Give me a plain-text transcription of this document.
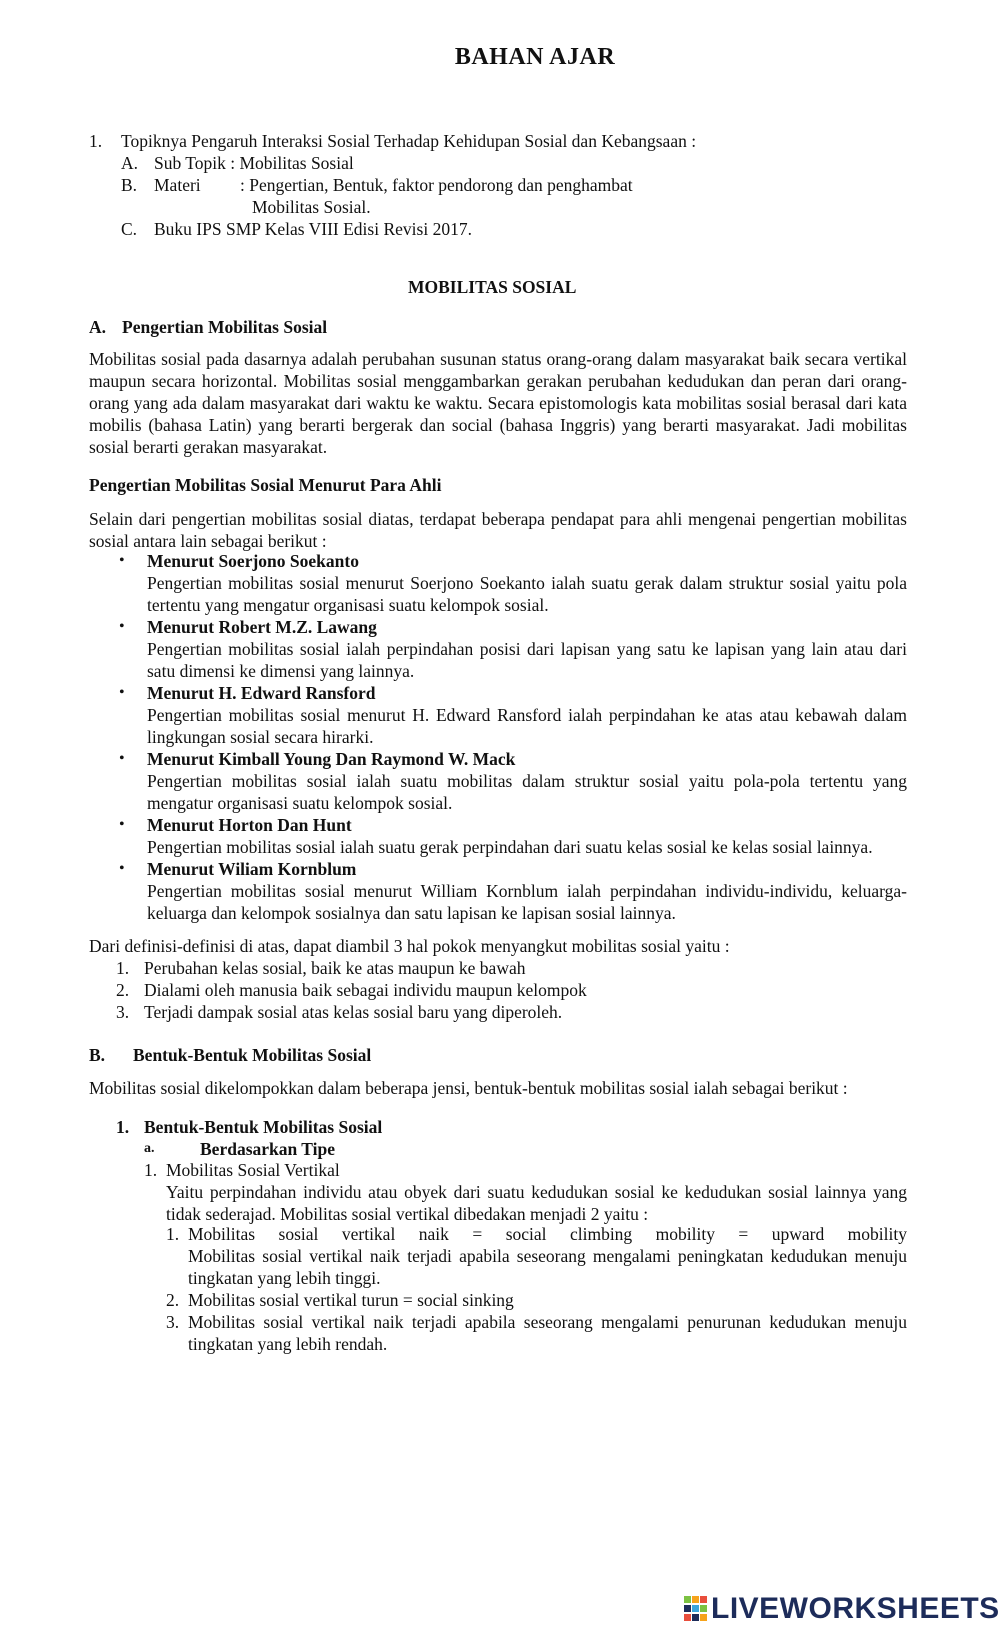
BAHAN AJAR
1.	Topiknya Pengaruh Interaksi Sosial Terhadap Kehidupan Sosial dan Kebangsaan :
A. Sub Topik : Mobilitas Sosial
B. Materi	: Pengertian, Bentuk, faktor pendorong dan penghambat
Mobilitas Sosial.
C. Buku IPS SMP Kelas VIII Edisi Revisi 2017.
MOBILITAS SOSIAL
A. Pengertian Mobilitas Sosial

Mobilitas sosial pada dasarnya adalah perubahan susunan status orang-orang dalam masyarakat baik secara vertikal maupun secara horizontal. Mobilitas sosial menggambarkan gerakan perubahan kedudukan dan peran dari orang-orang yang ada dalam masyarakat dari waktu ke waktu. Secara epistomologis kata mobilitas sosial berasal dari kata mobilis (bahasa Latin) yang berarti bergerak dan social (bahasa Inggris) yang berarti masyarakat. Jadi mobilitas sosial berarti gerakan masyarakat.

Pengertian Mobilitas Sosial Menurut Para Ahli

Selain dari pengertian mobilitas sosial diatas, terdapat beberapa pendapat para ahli mengenai pengertian mobilitas sosial antara lain sebagai berikut :

• Menurut Soerjono Soekanto
Pengertian mobilitas sosial menurut Soerjono Soekanto ialah suatu gerak dalam struktur sosial yaitu pola tertentu yang mengatur organisasi suatu kelompok sosial.
• Menurut Robert M.Z. Lawang
Pengertian mobilitas sosial ialah perpindahan posisi dari lapisan yang satu ke lapisan yang lain atau dari satu dimensi ke dimensi yang lainnya.
• Menurut H. Edward Ransford
Pengertian mobilitas sosial menurut H. Edward Ransford ialah perpindahan ke atas atau kebawah dalam lingkungan sosial secara hirarki.
• Menurut Kimball Young Dan Raymond W. Mack
Pengertian mobilitas sosial ialah suatu mobilitas dalam struktur sosial yaitu pola-pola tertentu yang mengatur organisasi suatu kelompok sosial.
• Menurut Horton Dan Hunt
Pengertian mobilitas sosial ialah suatu gerak perpindahan dari suatu kelas sosial ke kelas sosial lainnya.
• Menurut Wiliam Kornblum
Pengertian mobilitas sosial menurut William Kornblum ialah perpindahan individu-individu, keluarga-keluarga dan kelompok sosialnya dan satu lapisan ke lapisan sosial lainnya.

Dari definisi-definisi di atas, dapat diambil 3 hal pokok menyangkut mobilitas sosial yaitu :

1. Perubahan kelas sosial, baik ke atas maupun ke bawah
2. Dialami oleh manusia baik sebagai individu maupun kelompok
3. Terjadi dampak sosial atas kelas sosial baru yang diperoleh.
B.	Bentuk-Bentuk Mobilitas Sosial

Mobilitas sosial dikelompokkan dalam beberapa jensi, bentuk-bentuk mobilitas sosial ialah sebagai berikut :

1. Bentuk-Bentuk Mobilitas Sosial
a.	Berdasarkan Tipe
1. Mobilitas Sosial Vertikal

Yaitu perpindahan individu atau obyek dari suatu kedudukan sosial ke kedudukan sosial lainnya yang tidak sederajad. Mobilitas sosial vertikal dibedakan menjadi 2 yaitu :

1. Mobilitas sosial vertikal naik = social climbing mobility = upward mobility
Mobilitas sosial vertikal naik terjadi apabila seseorang mengalami peningkatan kedudukan menuju tingkatan yang lebih tinggi.
2. Mobilitas sosial vertikal turun = social sinking
3. Mobilitas sosial vertikal naik terjadi apabila seseorang mengalami penurunan kedudukan menuju tingkatan yang lebih rendah.
LIVEWORKSHEETS
